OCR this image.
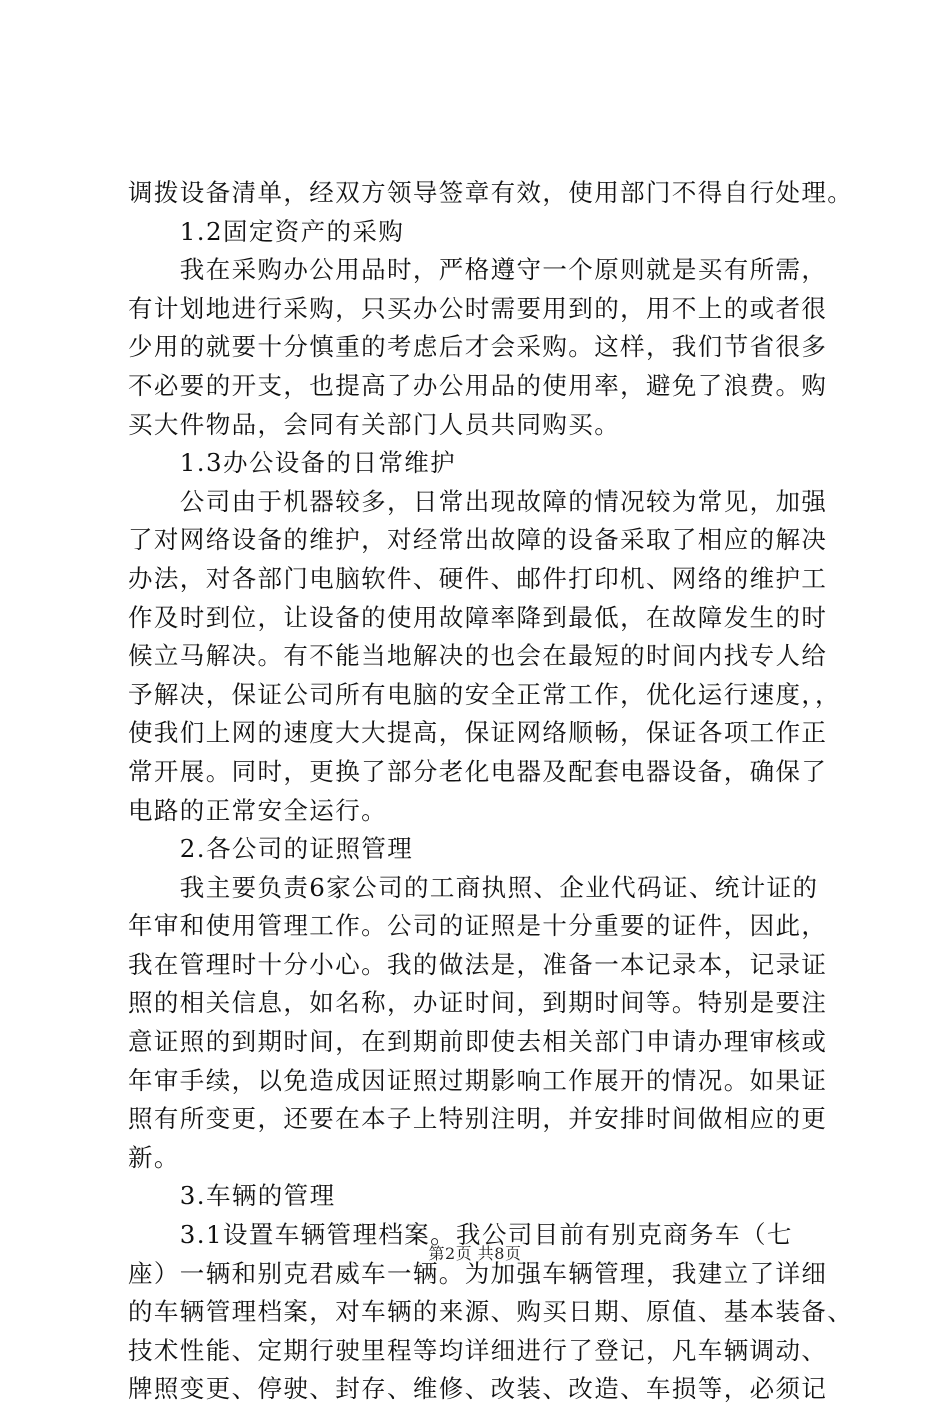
调拨设备清单，经双方领导签章有效，使用部门不得自行处理。
　　1.2固定资产的采购
　　我在采购办公用品时，严格遵守一个原则就是买有所需，
有计划地进行采购，只买办公时需要用到的，用不上的或者很
少用的就要十分慎重的考虑后才会采购。这样，我们节省很多
不必要的开支，也提高了办公用品的使用率，避免了浪费。购
买大件物品，会同有关部门人员共同购买。
　　1.3办公设备的日常维护
　　公司由于机器较多，日常出现故障的情况较为常见，加强
了对网络设备的维护，对经常出故障的设备采取了相应的解决
办法，对各部门电脑软件、硬件、邮件打印机、网络的维护工
作及时到位，让设备的使用故障率降到最低，在故障发生的时
候立马解决。有不能当地解决的也会在最短的时间内找专人给
予解决，保证公司所有电脑的安全正常工作，优化运行速度，，
使我们上网的速度大大提高，保证网络顺畅，保证各项工作正
常开展。同时，更换了部分老化电器及配套电器设备，确保了
电路的正常安全运行。
　　2.各公司的证照管理
　　我主要负责6家公司的工商执照、企业代码证、统计证的
年审和使用管理工作。公司的证照是十分重要的证件，因此，
我在管理时十分小心。我的做法是，准备一本记录本，记录证
照的相关信息，如名称，办证时间，到期时间等。特别是要注
意证照的到期时间，在到期前即使去相关部门申请办理审核或
年审手续，以免造成因证照过期影响工作展开的情况。如果证
照有所变更，还要在本子上特别注明，并安排时间做相应的更
新。
　　3.车辆的管理
　　3.1设置车辆管理档案。我公司目前有别克商务车（七
座）一辆和别克君威车一辆。为加强车辆管理，我建立了详细
的车辆管理档案，对车辆的来源、购买日期、原值、基本装备、
技术性能、定期行驶里程等均详细进行了登记，凡车辆调动、
牌照变更、停驶、封存、维修、改装、改造、车损等，必须记
第2页 共8页
